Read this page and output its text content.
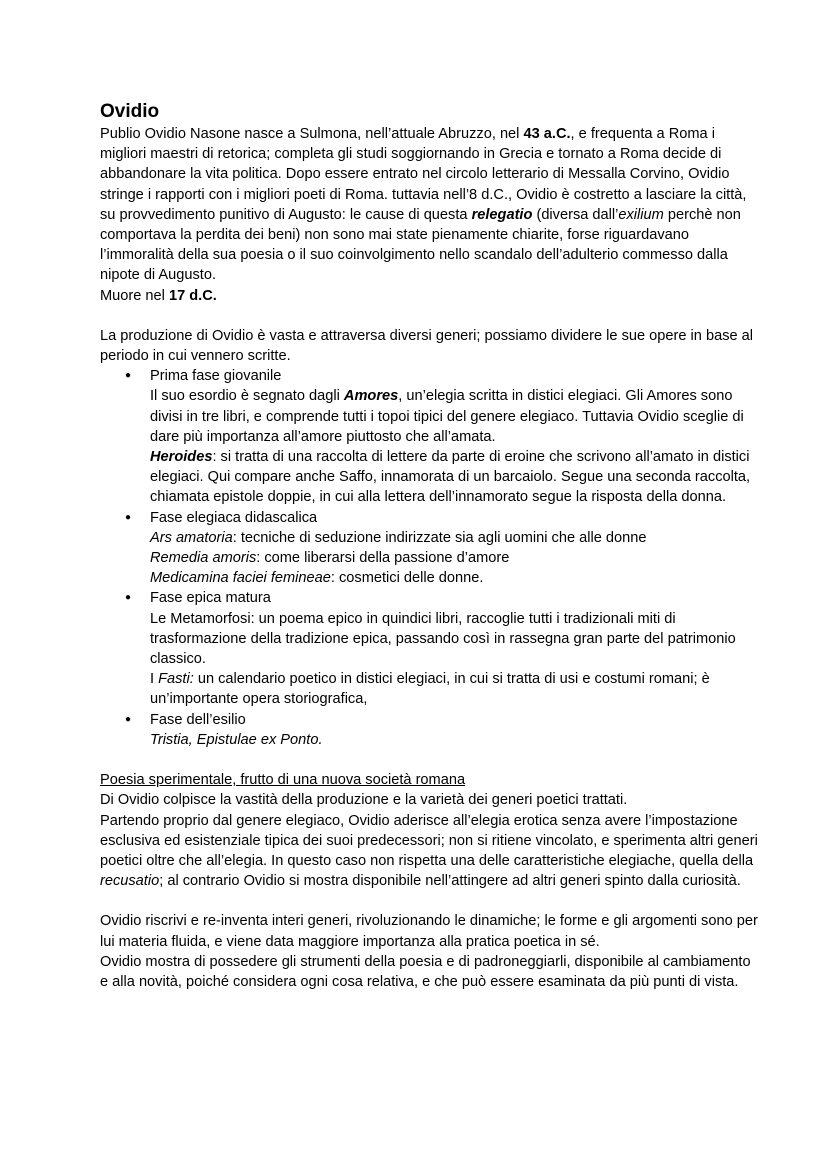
Ovidio

Publio Ovidio Nasone nasce a Sulmona, nell’attuale Abruzzo, nel 43 a.C., e frequenta a Roma i migliori maestri di retorica; completa gli studi soggiornando in Grecia e tornato a Roma decide di abbandonare la vita politica. Dopo essere entrato nel circolo letterario di Messalla Corvino, Ovidio stringe i rapporti con i migliori poeti di Roma. tuttavia nell’8 d.C., Ovidio è costretto a lasciare la città, su provvedimento punitivo di Augusto: le cause di questa relegatio (diversa dall’exilium perchè non comportava la perdita dei beni) non sono mai state pienamente chiarite, forse riguardavano l’immoralità della sua poesia o il suo coinvolgimento nello scandalo dell’adulterio commesso dalla nipote di Augusto.

Muore nel 17 d.C.

La produzione di Ovidio è vasta e attraversa diversi generi; possiamo dividere le sue opere in base al periodo in cui vennero scritte.

● Prima fase giovanile

Il suo esordio è segnato dagli Amores, un’elegia scritta in distici elegiaci. Gli Amores sono divisi in tre libri, e comprende tutti i topoi tipici del genere elegiaco. Tuttavia Ovidio sceglie di dare più importanza all’amore piuttosto che all’amata.

Heroides: si tratta di una raccolta di lettere da parte di eroine che scrivono all’amato in distici elegiaci. Qui compare anche Saffo, innamorata di un barcaiolo. Segue una seconda raccolta, chiamata epistole doppie, in cui alla lettera dell’innamorato segue la risposta della donna.

● Fase elegiaca didascalica

Ars amatoria: tecniche di seduzione indirizzate sia agli uomini che alle donne

Remedia amoris: come liberarsi della passione d’amore

Medicamina faciei femineae: cosmetici delle donne.

● Fase epica matura

Le Metamorfosi: un poema epico in quindici libri, raccoglie tutti i tradizionali miti di trasformazione della tradizione epica, passando così in rassegna gran parte del patrimonio classico.

I Fasti: un calendario poetico in distici elegiaci, in cui si tratta di usi e costumi romani; è un’importante opera storiografica,

● Fase dell’esilio

Tristia, Epistulae ex Ponto.

Poesia sperimentale, frutto di una nuova società romana

Di Ovidio colpisce la vastità della produzione e la varietà dei generi poetici trattati.

Partendo proprio dal genere elegiaco, Ovidio aderisce all’elegia erotica senza avere l’impostazione esclusiva ed esistenziale tipica dei suoi predecessori; non si ritiene vincolato, e sperimenta altri generi poetici oltre che all’elegia. In questo caso non rispetta una delle caratteristiche elegiache, quella della recusatio; al contrario Ovidio si mostra disponibile nell’attingere ad altri generi spinto dalla curiosità.

Ovidio riscrivi e re-inventa interi generi, rivoluzionando le dinamiche; le forme e gli argomenti sono per lui materia fluida, e viene data maggiore importanza alla pratica poetica in sé.

Ovidio mostra di possedere gli strumenti della poesia e di padroneggiarli, disponibile al cambiamento e alla novità, poiché considera ogni cosa relativa, e che può essere esaminata da più punti di vista.
